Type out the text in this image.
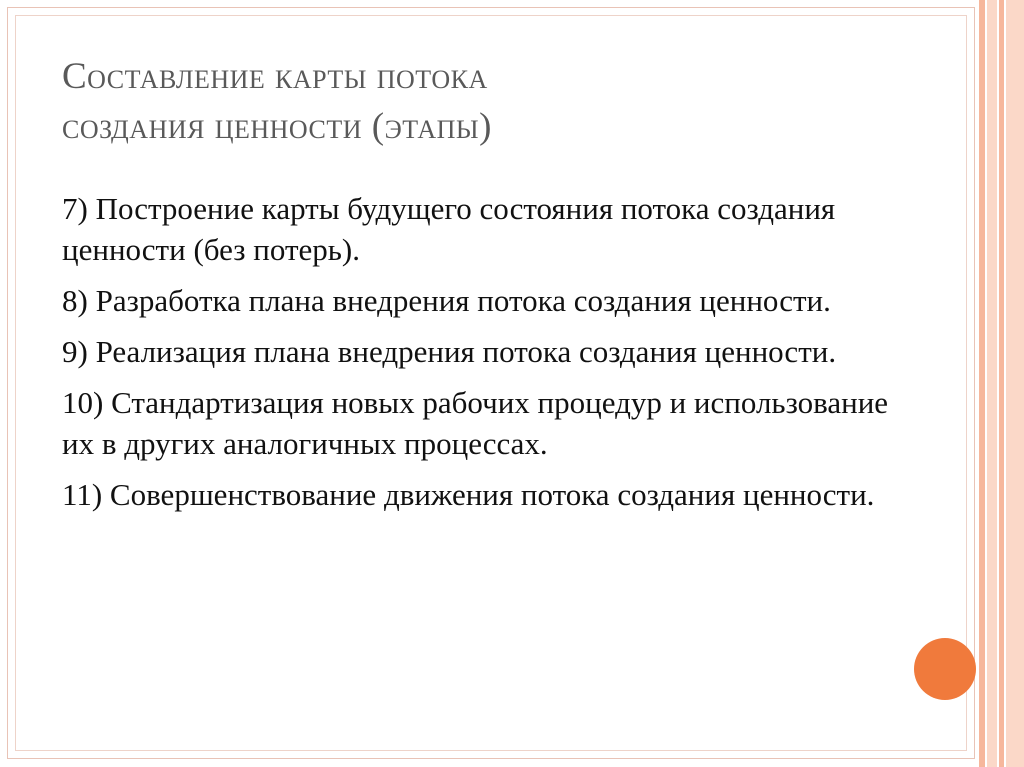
Составление карты потока
создания ценности (этапы)
7) Построение карты будущего состояния потока создания ценности (без потерь).
8) Разработка плана внедрения потока создания ценности.
9) Реализация плана внедрения потока создания ценности.
10) Стандартизация новых рабочих процедур и использование их в других аналогичных процессах.
11) Совершенствование движения потока создания ценности.
